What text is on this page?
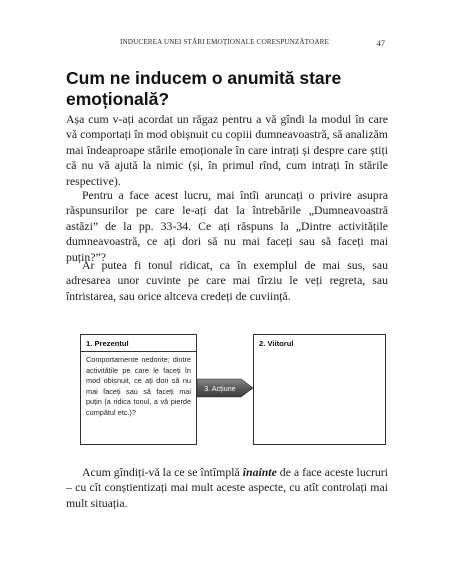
INDUCEREA UNEI STĂRI EMOȚIONALE CORESPUNZĂTOARE	47
Cum ne inducem o anumită stare emoțională?

Așa cum v-ați acordat un răgaz pentru a vă gîndi la modul în care vă comportați în mod obișnuit cu copiii dumneavoastră, să analizăm mai îndeaproape stările emoționale în care intrați și despre care știți că nu vă ajută la nimic (și, în primul rînd, cum intrați în stările respective).

Pentru a face acest lucru, mai întîi aruncați o privire asupra răspunsurilor pe care le-ați dat la întrebările „Dumneavoastră astăzi” de la pp. 33-34. Ce ați răspuns la „Dintre activitățile dumneavoastră, ce ați dori să nu mai faceți sau să faceți mai puțin?”?

Ar putea fi tonul ridicat, ca în exemplul de mai sus, sau adresarea unor cuvinte pe care mai tîrziu le veți regreta, sau întristarea, sau orice altceva credeți de cuviință.

1. Prezentul
Comportamente nedorite; dintre activitățile pe care le faceți în mod obișnuit, ce ați dori să nu mai faceți sau să faceți mai puțin (a ridica tonul, a vă pierde cumpătul etc.)?
3. Acțiune
2. Viitorul

Acum gîndiți-vă la ce se întîmplă înainte de a face aceste lucruri – cu cît conștientizați mai mult aceste aspecte, cu atît controlați mai mult situația.
